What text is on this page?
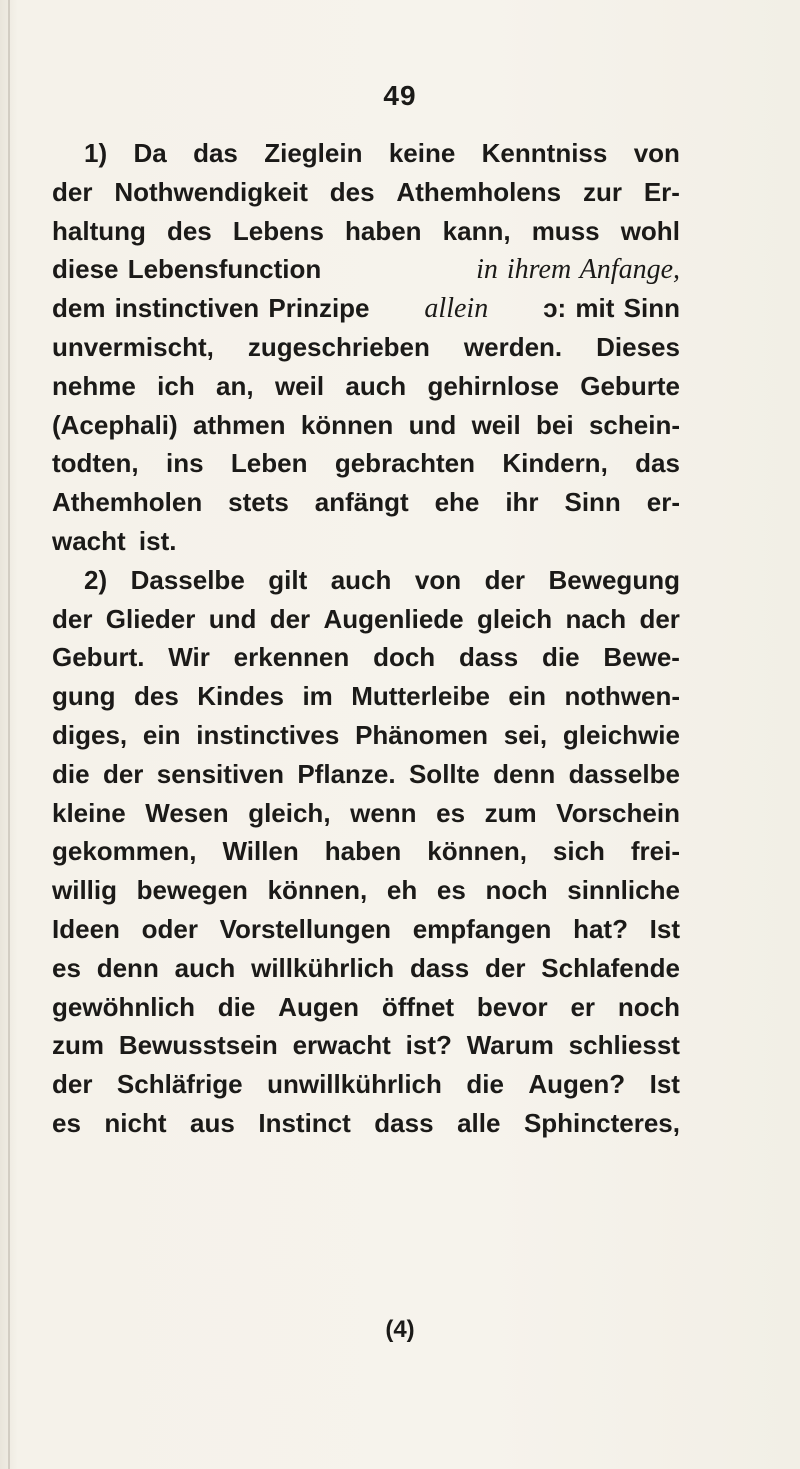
49
1) Da das Zieglein keine Kenntniss von
der Nothwendigkeit des Athemholens zur Er-
haltung des Lebens haben kann, muss wohl
diese Lebensfunction	in ihrem Anfange,
dem instinctiven Prinzipe allein ɔ: mit Sinn
unvermischt, zugeschrieben werden. Dieses
nehme ich an, weil auch gehirnlose Geburte
(Acephali) athmen können und weil bei schein-
todten, ins Leben gebrachten Kindern, das
Athemholen stets anfängt ehe ihr Sinn er-
wacht ist.
2) Dasselbe gilt auch von der Bewegung
der Glieder und der Augenliede gleich nach der
Geburt. Wir erkennen doch dass die Bewe-
gung des Kindes im Mutterleibe ein nothwen-
diges, ein instinctives Phänomen sei, gleichwie
die der sensitiven Pflanze. Sollte denn dasselbe
kleine Wesen gleich, wenn es zum Vorschein
gekommen, Willen haben können, sich frei-
willig bewegen können, eh es noch sinnliche
Ideen oder Vorstellungen empfangen hat? Ist
es denn auch willkührlich dass der Schlafende
gewöhnlich die Augen öffnet bevor er noch
zum Bewusstsein erwacht ist? Warum schliesst
der Schläfrige unwillkührlich die Augen? Ist
es nicht aus Instinct dass alle Sphincteres,
(4)
